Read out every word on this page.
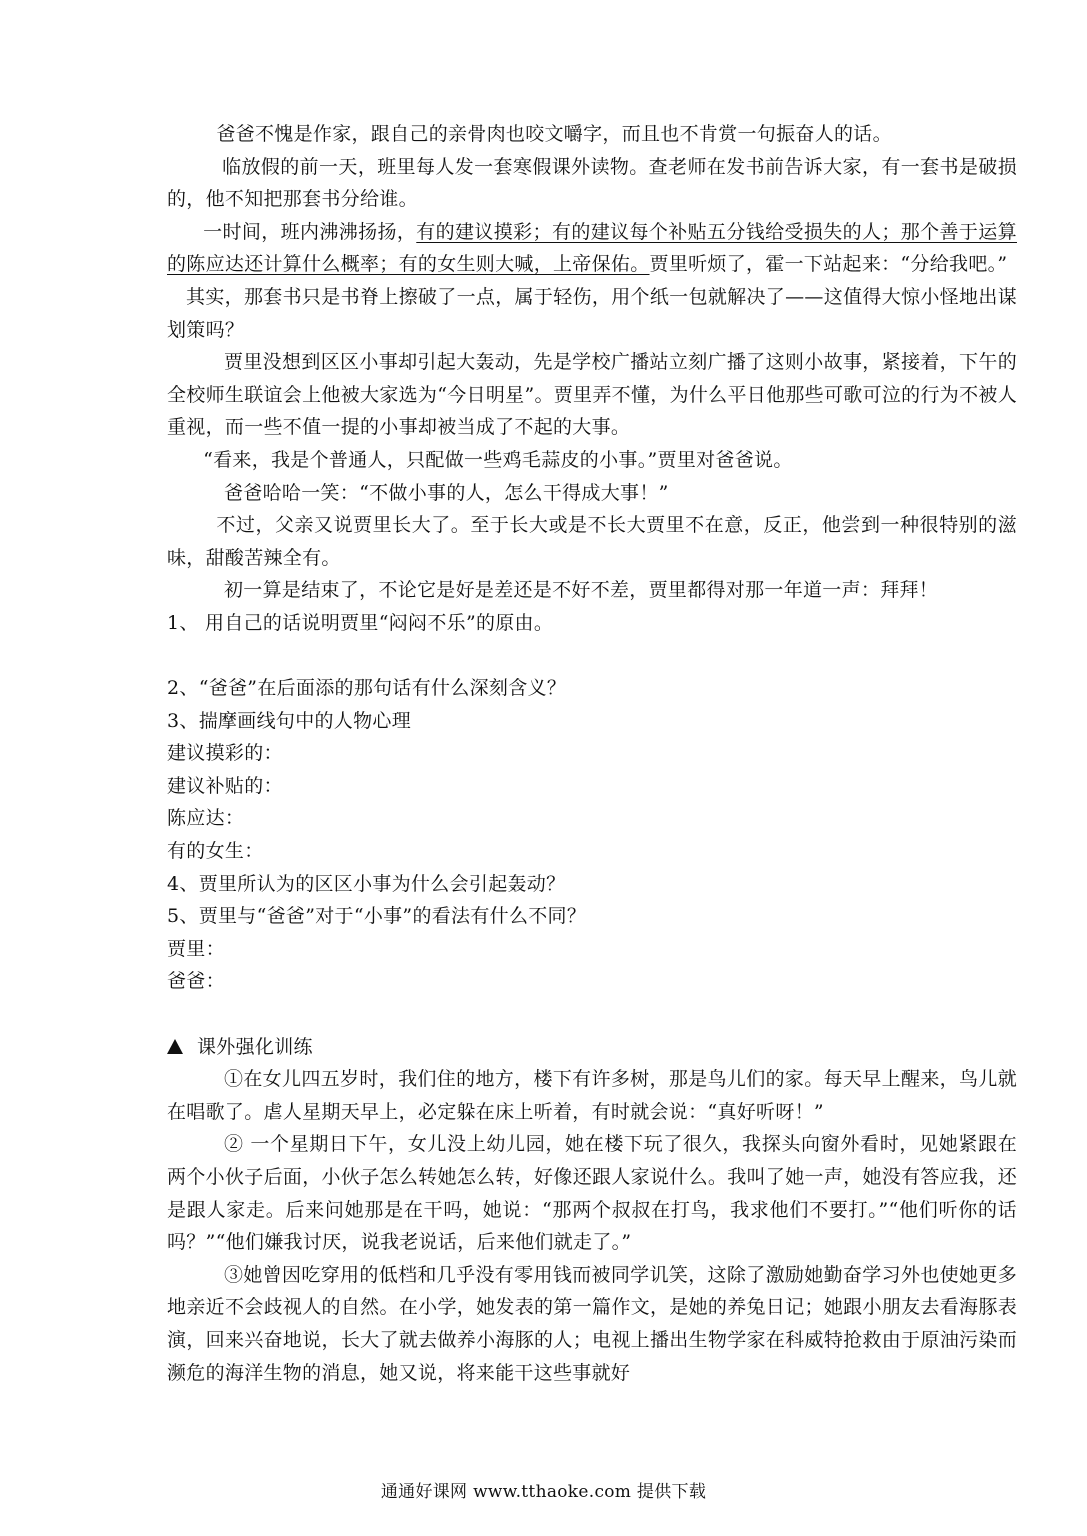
爸爸不愧是作家，跟自己的亲骨肉也咬文嚼字，而且也不肯赏一句振奋人的话。

临放假的前一天，班里每人发一套寒假课外读物。查老师在发书前告诉大家，有一套书是破损的，他不知把那套书分给谁。

一时间，班内沸沸扬扬，有的建议摸彩；有的建议每个补贴五分钱给受损失的人；那个善于运算的陈应达还计算什么概率；有的女生则大喊，上帝保佑。贾里听烦了，霍一下站起来：“分给我吧。”

其实，那套书只是书脊上擦破了一点，属于轻伤，用个纸一包就解决了——这值得大惊小怪地出谋划策吗？

贾里没想到区区小事却引起大轰动，先是学校广播站立刻广播了这则小故事，紧接着，下午的全校师生联谊会上他被大家选为“今日明星”。贾里弄不懂，为什么平日他那些可歌可泣的行为不被人重视，而一些不值一提的小事却被当成了不起的大事。

“看来，我是个普通人，只配做一些鸡毛蒜皮的小事。”贾里对爸爸说。

爸爸哈哈一笑：“不做小事的人，怎么干得成大事！”

不过，父亲又说贾里长大了。至于长大或是不长大贾里不在意，反正，他尝到一种很特别的滋味，甜酸苦辣全有。

初一算是结束了，不论它是好是差还是不好不差，贾里都得对那一年道一声：拜拜！

1、 用自己的话说明贾里“闷闷不乐”的原由。

2、“爸爸”在后面添的那句话有什么深刻含义？

3、揣摩画线句中的人物心理

建议摸彩的：

建议补贴的：

陈应达：

有的女生：

4、贾里所认为的区区小事为什么会引起轰动？

5、贾里与“爸爸”对于“小事”的看法有什么不同？

贾里：

爸爸：

课外强化训练

①在女儿四五岁时，我们住的地方，楼下有许多树，那是鸟儿们的家。每天早上醒来，鸟儿就在唱歌了。虐人星期天早上，必定躲在床上听着，有时就会说：“真好听呀！”

② 一个星期日下午，女儿没上幼儿园，她在楼下玩了很久，我探头向窗外看时，见她紧跟在两个小伙子后面，小伙子怎么转她怎么转，好像还跟人家说什么。我叫了她一声，她没有答应我，还是跟人家走。后来问她那是在干吗，她说：“那两个叔叔在打鸟，我求他们不要打。”“他们听你的话吗？”“他们嫌我讨厌，说我老说话，后来他们就走了。”

③她曾因吃穿用的低档和几乎没有零用钱而被同学讥笑，这除了激励她勤奋学习外也使她更多地亲近不会歧视人的自然。在小学，她发表的第一篇作文，是她的养兔日记；她跟小朋友去看海豚表演，回来兴奋地说，长大了就去做养小海豚的人；电视上播出生物学家在科威特抢救由于原油污染而濒危的海洋生物的消息，她又说，将来能干这些事就好

通通好课网 www.tthaoke.com 提供下载
